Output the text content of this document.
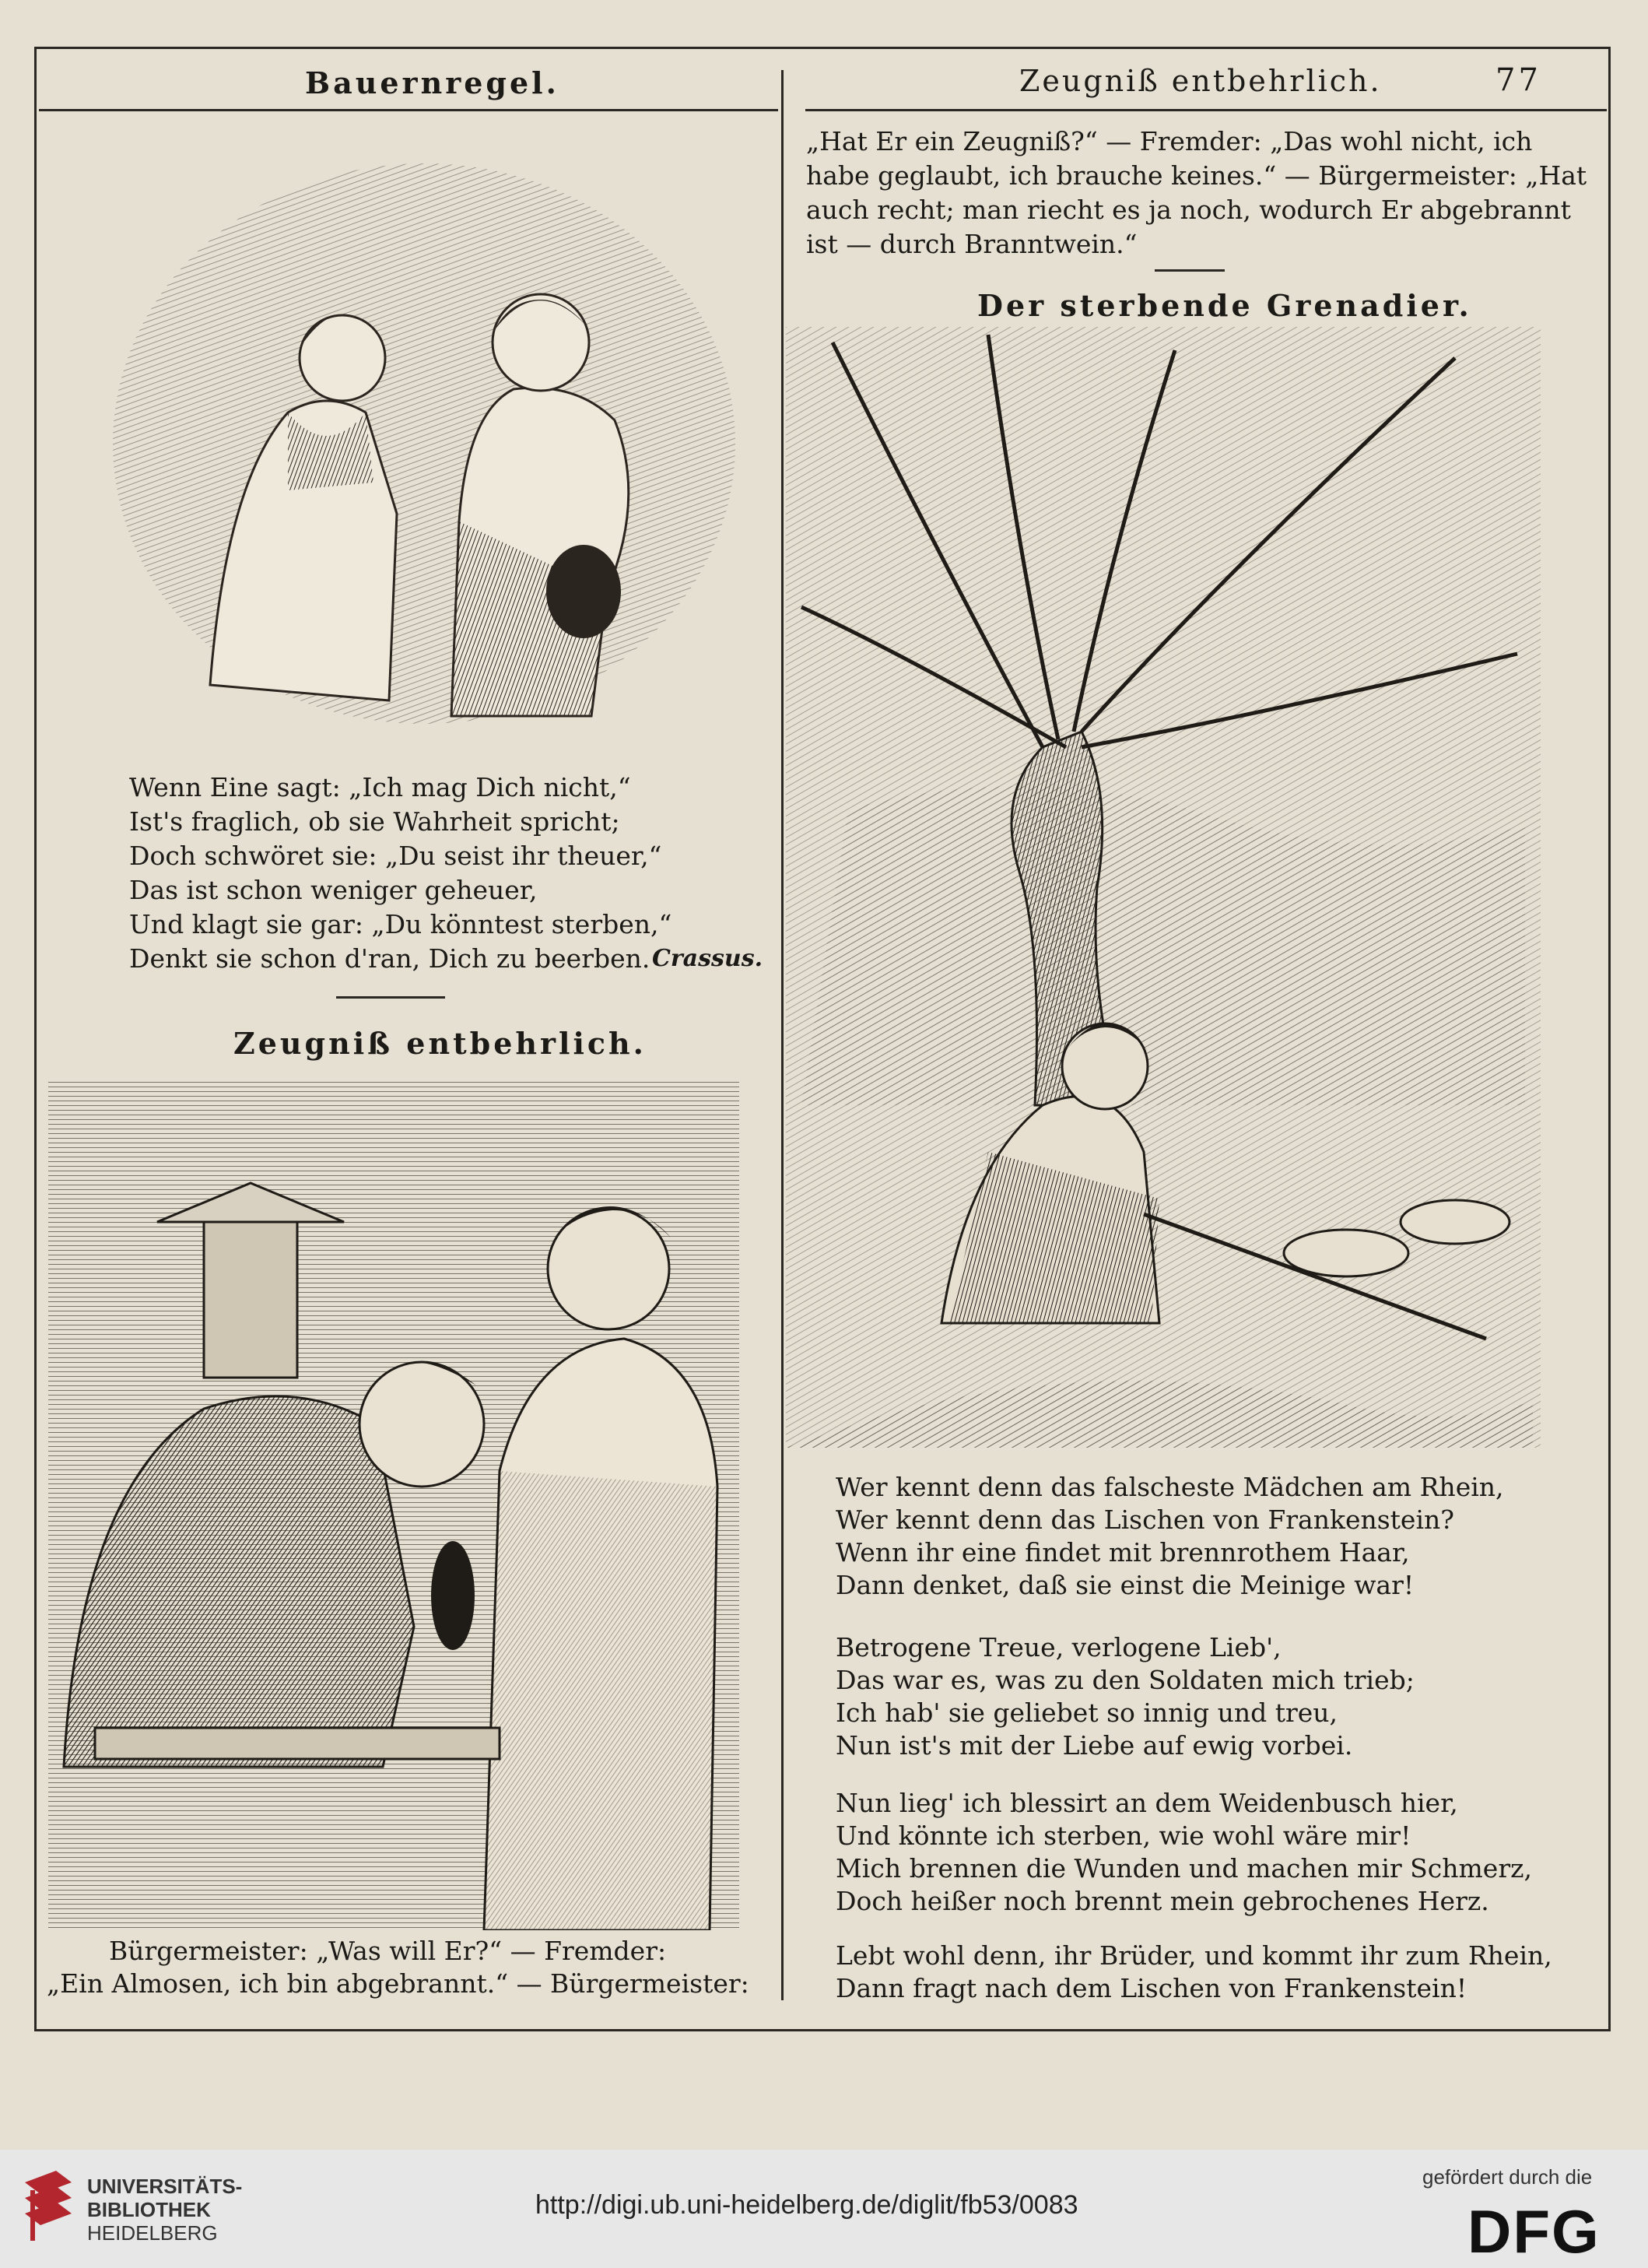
Zeugniß entbehrlich.	77
Bauernregel.
Wenn Eine sagt: „Ich mag Dich nicht,“
Ist's fraglich, ob sie Wahrheit spricht;
Doch schwöret sie: „Du seist ihr theuer,“
Das ist schon weniger geheuer,
Und klagt sie gar: „Du könntest sterben,“
Denkt sie schon d'ran, Dich zu beerben. Crassus.
Zeugniß entbehrlich.
Bürgermeister: „Was will Er?“ — Fremder:
„Ein Almosen, ich bin abgebrannt.“ — Bürgermeister:
„Hat Er ein Zeugniß?“ — Fremder: „Das wohl nicht, ich
habe geglaubt, ich brauche keines.“ — Bürgermeister: „Hat
auch recht; man riecht es ja noch, wodurch Er abgebrannt
ist — durch Branntwein.“
Der sterbende Grenadier.
Wer kennt denn das falscheste Mädchen am Rhein,
Wer kennt denn das Lischen von Frankenstein?
Wenn ihr eine findet mit brennrothem Haar,
Dann denket, daß sie einst die Meinige war!
Betrogene Treue, verlogene Lieb',
Das war es, was zu den Soldaten mich trieb;
Ich hab' sie geliebet so innig und treu,
Nun ist's mit der Liebe auf ewig vorbei.
Nun lieg' ich blessirt an dem Weidenbusch hier,
Und könnte ich sterben, wie wohl wäre mir!
Mich brennen die Wunden und machen mir Schmerz,
Doch heißer noch brennt mein gebrochenes Herz.
Lebt wohl denn, ihr Brüder, und kommt ihr zum Rhein,
Dann fragt nach dem Lischen von Frankenstein!
UNIVERSITÄTS-
BIBLIOTHEK
HEIDELBERG
http://digi.ub.uni-heidelberg.de/diglit/fb53/0083
gefördert durch die
DFG
